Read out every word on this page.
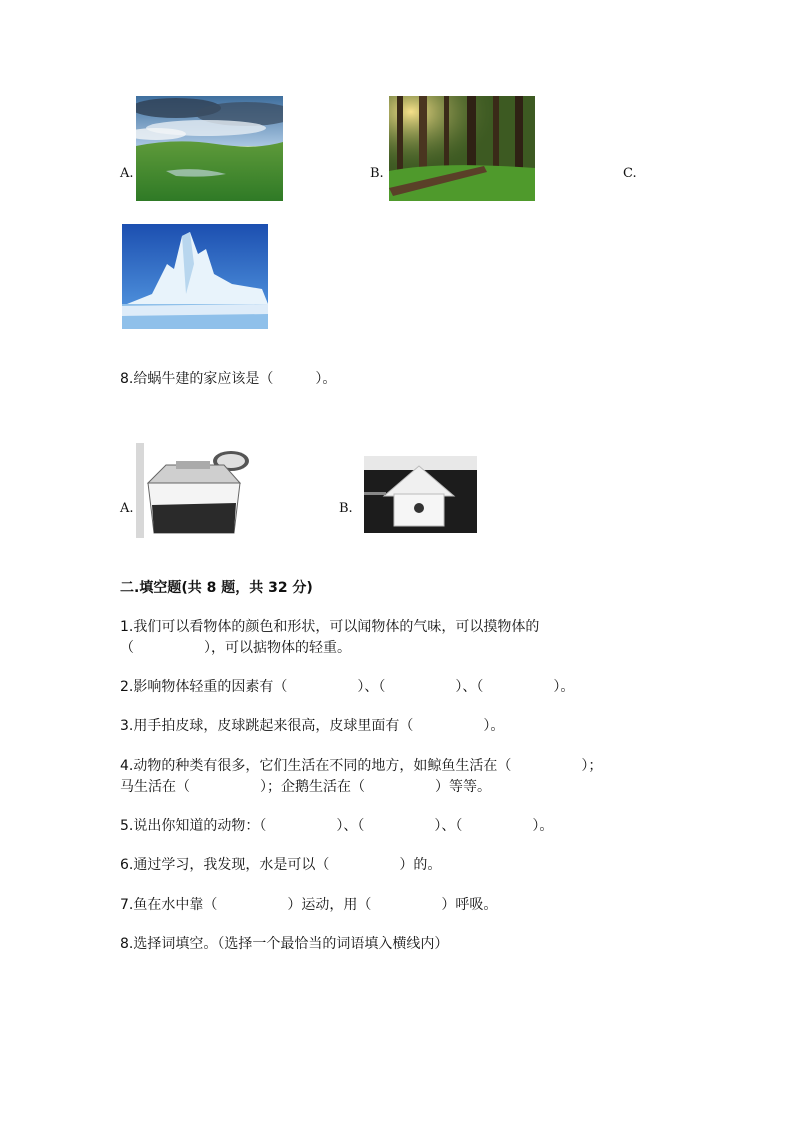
A.	B.	C.
8.给蜗牛建的家应该是（　　　）。
A.	B.
二.填空题(共 8 题，共 32 分)
1.我们可以看物体的颜色和形状，可以闻物体的气味，可以摸物体的
（　　　　　），可以掂物体的轻重。
2.影响物体轻重的因素有（　　　　　）、（　　　　　）、（　　　　　）。
3.用手拍皮球，皮球跳起来很高，皮球里面有（　　　　　）。
4.动物的种类有很多，它们生活在不同的地方，如鲸鱼生活在（　　　　　）；
马生活在（　　　　　）；企鹅生活在（　　　　　）等等。
5.说出你知道的动物：（　　　　　）、（　　　　　）、（　　　　　）。
6.通过学习，我发现，水是可以（　　　　　）的。
7.鱼在水中靠（　　　　　）运动，用（　　　　　）呼吸。
8.选择词填空。（选择一个最恰当的词语填入横线内）
